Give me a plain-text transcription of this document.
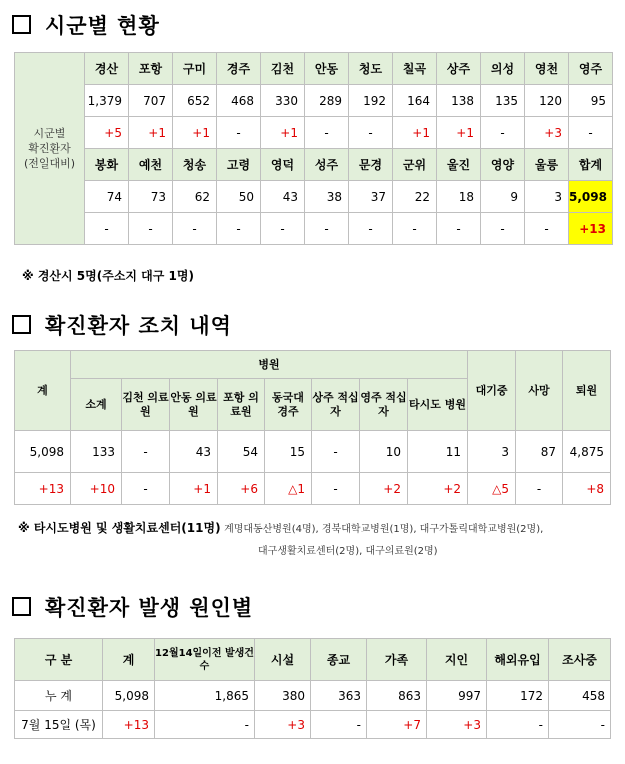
시군별 현황
시군별
확진환자
(전일대비)	경산	포항	구미	경주	김천	안동	청도	칠곡	상주	의성	영천	영주
	1,379	707	652	468	330	289	192	164	138	135	120	95
	+5	+1	+1	-	+1	-	-	+1	+1	-	+3	-
	봉화	예천	청송	고령	영덕	성주	문경	군위	울진	영양	울릉	합계
	74	73	62	50	43	38	37	22	18	9	3	5,098
	-	-	-	-	-	-	-	-	-	-	-	+13
※ 경산시 5명(주소지 대구 1명)
확진환자 조치 내역
계	병원								대기중	사망	퇴원
	소계	김천 의료원	안동 의료원	포항 의료원	동국대 경주	상주 적십자	영주 적십자	타시도 병원			
5,098	133	-	43	54	15	-	10	11	3	87	4,875
+13	+10	-	+1	+6	△1	-	+2	+2	△5	-	+8
※ 타시도병원 및 생활치료센터(11명) 계명대동산병원(4명), 경북대학교병원(1명), 대구가톨릭대학교병원(2명),
대구생활치료센터(2명), 대구의료원(2명)
확진환자 발생 원인별
구 분	계	12월14일이전 발생건수	시설	종교	가족	지인	해외유입	조사중
누 계	5,098	1,865	380	363	863	997	172	458
7월 15일 (목)	+13	-	+3	-	+7	+3	-	-
